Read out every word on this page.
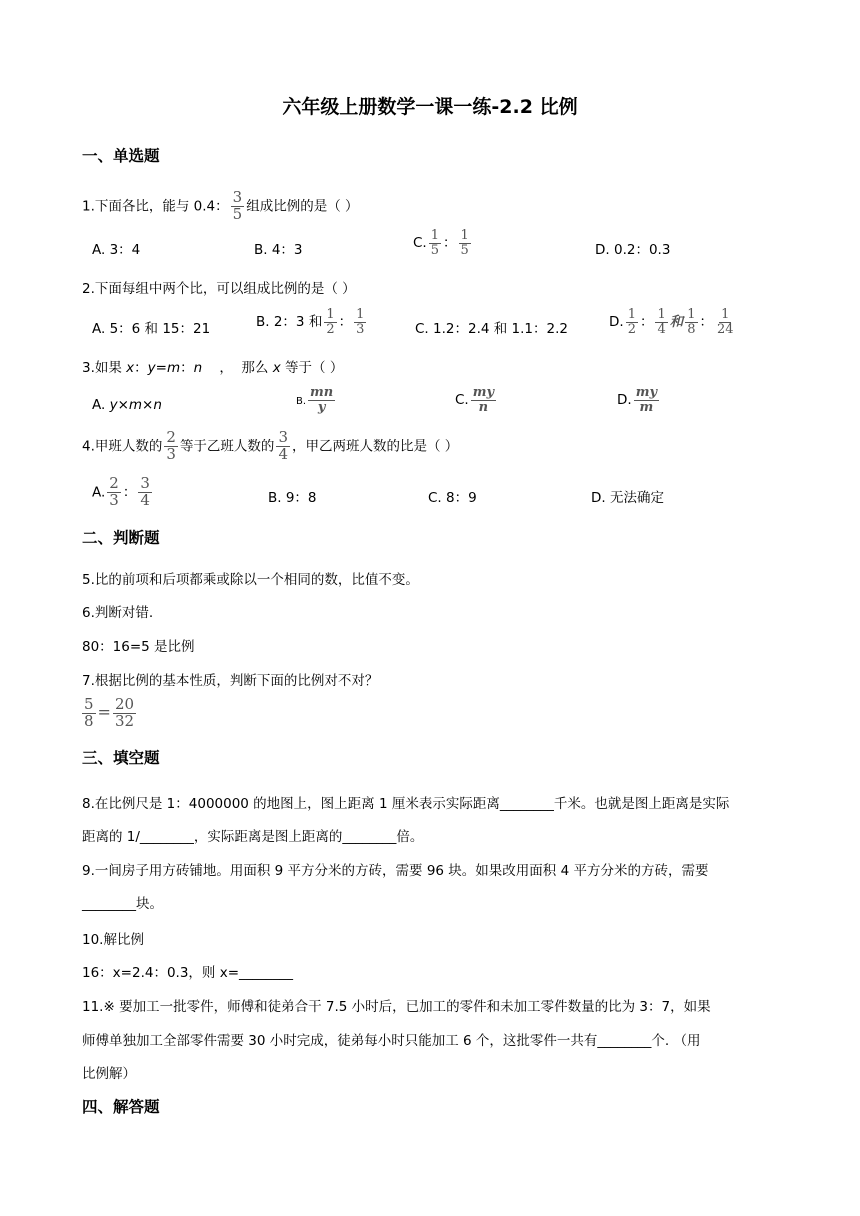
六年级上册数学一课一练-2.2 比例
一、单选题
1.下面各比，能与 0.4： $\frac{3}{5}$ 组成比例的是（ ）
A. 3：4	B. 4：3	C. $\frac{1}{5}$ ： $\frac{1}{5}$	D. 0.2：0.3
2.下面每组中两个比，可以组成比例的是（ ）
A. 5：6 和 15：21	B. 2：3 和 $\frac{1}{2}$ ： $\frac{1}{3}$	C. 1.2：2.4 和 1.1：2.2	D. $\frac{1}{2}$ ： $\frac{1}{4}$ 和 $\frac{1}{8}$ ： $\frac{1}{24}$
3.如果 x：y=m：n    ，  那么 x 等于（ ）
A. y×m×n	B. $\frac{mn}{y}$	C. $\frac{my}{n}$	D. $\frac{my}{m}$
4.甲班人数的 $\frac{2}{3}$ 等于乙班人数的 $\frac{3}{4}$ ，甲乙两班人数的比是（ ）
A. $\frac{2}{3}$ ： $\frac{3}{4}$	B. 9：8	C. 8：9	D. 无法确定
二、判断题
5.比的前项和后项都乘或除以一个相同的数，比值不变。
6.判断对错.
80：16=5 是比例
7.根据比例的基本性质，判断下面的比例对不对？
$\frac{5}{8} = \frac{20}{32}$
三、填空题
8.在比例尺是 1：4000000 的地图上，图上距离 1 厘米表示实际距离________千米。也就是图上距离是实际
距离的 1/________，实际距离是图上距离的________倍。
9.一间房子用方砖铺地。用面积 9 平方分米的方砖，需要 96 块。如果改用面积 4 平方分米的方砖，需要
________块。
10.解比例
16：x=2.4：0.3，则 x=________
11.※ 要加工一批零件，师傅和徒弟合干 7.5 小时后，已加工的零件和未加工零件数量的比为 3：7，如果
师傅单独加工全部零件需要 30 小时完成，徒弟每小时只能加工 6 个，这批零件一共有________个. （用
比例解）
四、解答题
